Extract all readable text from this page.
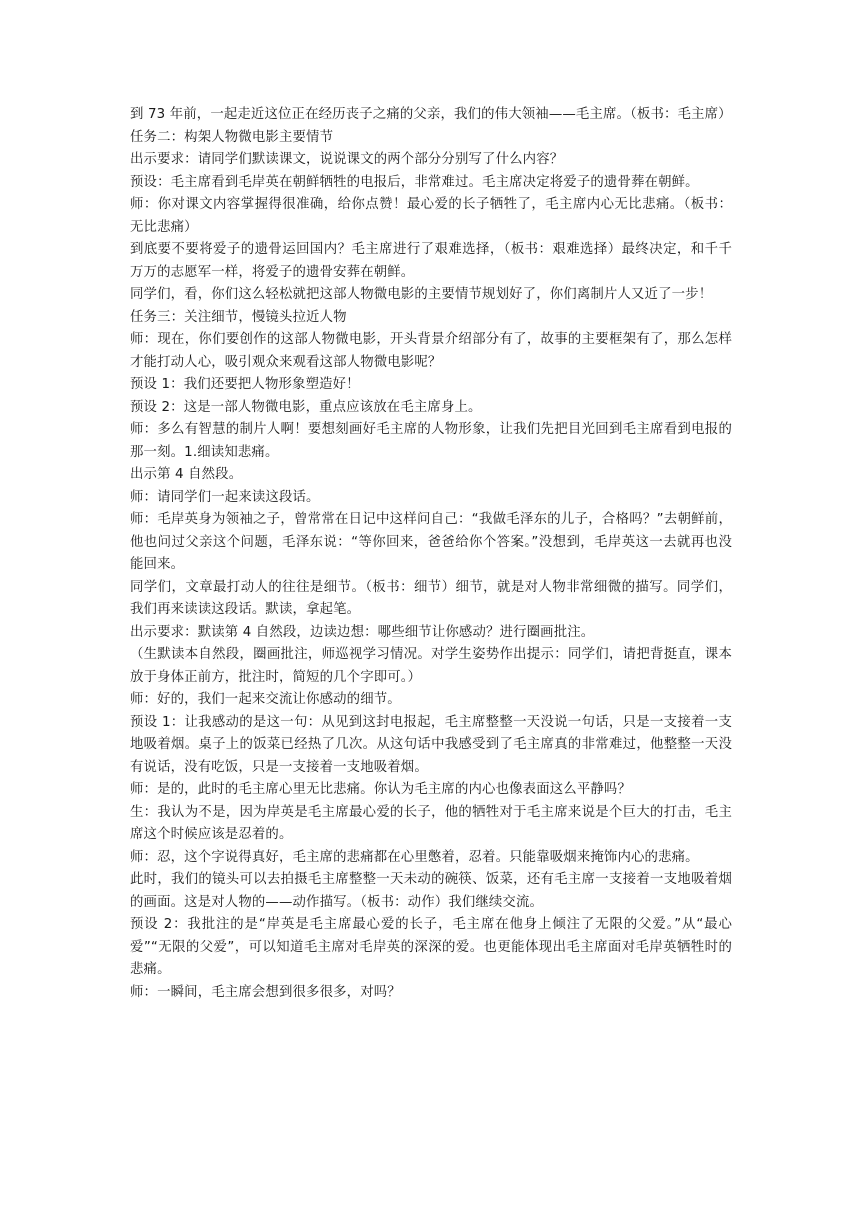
到 73 年前，一起走近这位正在经历丧子之痛的父亲，我们的伟大领袖——毛主席。（板书：毛主席）

任务二：构架人物微电影主要情节

出示要求：请同学们默读课文，说说课文的两个部分分别写了什么内容？

预设：毛主席看到毛岸英在朝鲜牺牲的电报后，非常难过。毛主席决定将爱子的遗骨葬在朝鲜。

师：你对课文内容掌握得很准确，给你点赞！最心爱的长子牺牲了，毛主席内心无比悲痛。（板书：无比悲痛）

到底要不要将爱子的遗骨运回国内？毛主席进行了艰难选择，（板书：艰难选择）最终决定，和千千万万的志愿军一样，将爱子的遗骨安葬在朝鲜。

同学们，看，你们这么轻松就把这部人物微电影的主要情节规划好了，你们离制片人又近了一步！

任务三：关注细节，慢镜头拉近人物

师：现在，你们要创作的这部人物微电影，开头背景介绍部分有了，故事的主要框架有了，那么怎样才能打动人心，吸引观众来观看这部人物微电影呢？

预设 1：我们还要把人物形象塑造好！

预设 2：这是一部人物微电影，重点应该放在毛主席身上。

师：多么有智慧的制片人啊！要想刻画好毛主席的人物形象，让我们先把目光回到毛主席看到电报的那一刻。1.细读知悲痛。

出示第 4 自然段。

师：请同学们一起来读这段话。

师：毛岸英身为领袖之子，曾常常在日记中这样问自己：“我做毛泽东的儿子，合格吗？”去朝鲜前，他也问过父亲这个问题，毛泽东说：“等你回来，爸爸给你个答案。”没想到，毛岸英这一去就再也没能回来。

同学们，文章最打动人的往往是细节。（板书：细节）细节，就是对人物非常细微的描写。同学们，我们再来读读这段话。默读，拿起笔。

出示要求：默读第 4 自然段，边读边想：哪些细节让你感动？进行圈画批注。

（生默读本自然段，圈画批注，师巡视学习情况。对学生姿势作出提示：同学们，请把背挺直，课本放于身体正前方，批注时，简短的几个字即可。）

师：好的，我们一起来交流让你感动的细节。

预设 1：让我感动的是这一句：从见到这封电报起，毛主席整整一天没说一句话，只是一支接着一支地吸着烟。桌子上的饭菜已经热了几次。从这句话中我感受到了毛主席真的非常难过，他整整一天没有说话，没有吃饭，只是一支接着一支地吸着烟。

师：是的，此时的毛主席心里无比悲痛。你认为毛主席的内心也像表面这么平静吗？

生：我认为不是，因为岸英是毛主席最心爱的长子，他的牺牲对于毛主席来说是个巨大的打击，毛主席这个时候应该是忍着的。

师：忍，这个字说得真好，毛主席的悲痛都在心里憋着，忍着。只能靠吸烟来掩饰内心的悲痛。

此时，我们的镜头可以去拍摄毛主席整整一天未动的碗筷、饭菜，还有毛主席一支接着一支地吸着烟的画面。这是对人物的——动作描写。（板书：动作）我们继续交流。

预设 2：我批注的是“岸英是毛主席最心爱的长子，毛主席在他身上倾注了无限的父爱。”从“最心爱”“无限的父爱”，可以知道毛主席对毛岸英的深深的爱。也更能体现出毛主席面对毛岸英牺牲时的悲痛。

师：一瞬间，毛主席会想到很多很多，对吗？
